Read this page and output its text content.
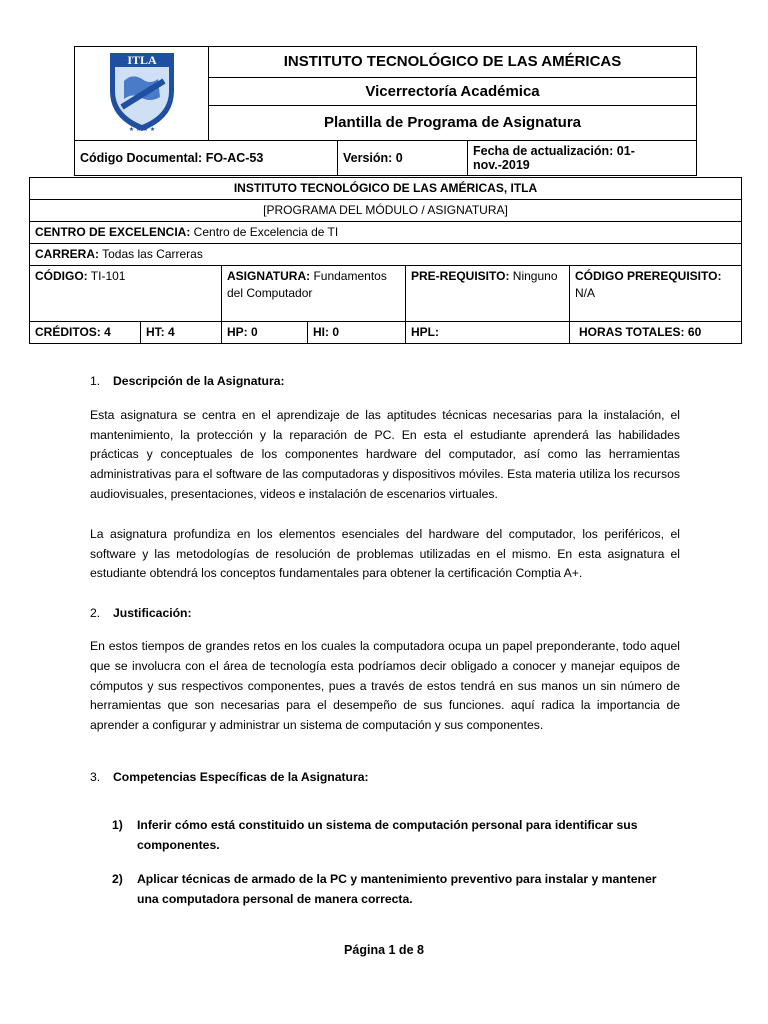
ITLA
★ ★ ★ ★	INSTITUTO TECNOLÓGICO DE LAS AMÉRICAS		
	Vicerrectoría Académica		
	Plantilla de Programa de Asignatura		
Código Documental: FO-AC-53		Versión: 0	Fecha de actualización: 01-nov.-2019
INSTITUTO TECNOLÓGICO DE LAS AMÉRICAS, ITLA					
[PROGRAMA DEL MÓDULO / ASIGNATURA]					
CENTRO DE EXCELENCIA: Centro de Excelencia de TI					
CARRERA: Todas las Carreras					
CÓDIGO: TI-101		ASIGNATURA: Fundamentos del Computador		PRE-REQUISITO: Ninguno	CÓDIGO PREREQUISITO:
N/A
CRÉDITOS: 4	HT: 4	HP: 0	HI: 0	HPL:	HORAS TOTALES: 60

1.	Descripción de la Asignatura:

Esta asignatura se centra en el aprendizaje de las aptitudes técnicas necesarias para la instalación, el mantenimiento, la protección y la reparación de PC. En esta el estudiante aprenderá las habilidades prácticas y conceptuales de los componentes hardware del computador, así como las herramientas administrativas para el software de las computadoras y dispositivos móviles. Esta materia utiliza los recursos audiovisuales, presentaciones, videos e instalación de escenarios virtuales.

La asignatura profundiza en los elementos esenciales del hardware del computador, los periféricos, el software y las metodologías de resolución de problemas utilizadas en el mismo. En esta asignatura el estudiante obtendrá los conceptos fundamentales para obtener la certificación Comptia A+.

2.	Justificación:

En estos tiempos de grandes retos en los cuales la computadora ocupa un papel preponderante, todo aquel que se involucra con el área de tecnología esta podríamos decir obligado a conocer y manejar equipos de cómputos y sus respectivos componentes, pues a través de estos tendrá en sus manos un sin número de herramientas que son necesarias para el desempeño de sus funciones. aquí radica la importancia de aprender a configurar y administrar un sistema de computación y sus componentes.

3.	Competencias Específicas de la Asignatura:

1)	Inferir cómo está constituido un sistema de computación personal para identificar sus componentes.
2)	Aplicar técnicas de armado de la PC y mantenimiento preventivo para instalar y mantener una computadora personal de manera correcta.
Página 1 de 8
